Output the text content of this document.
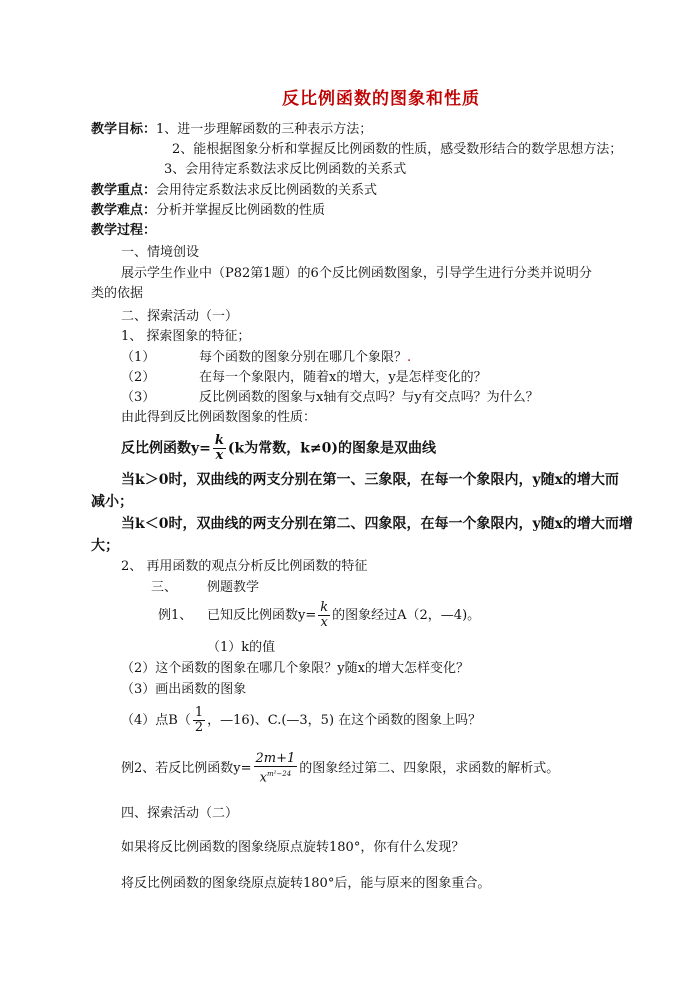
反比例函数的图象和性质
教学目标：1、进一步理解函数的三种表示方法；
2、能根据图象分析和掌握反比例函数的性质，感受数形结合的数学思想方法；
3、会用待定系数法求反比例函数的关系式
教学重点：会用待定系数法求反比例函数的关系式
教学难点：分析并掌握反比例函数的性质
教学过程：
一、情境创设
展示学生作业中（P82第1题）的6个反比例函数图象，引导学生进行分类并说明分
类的依据
二、探索活动（一）
1、 探索图象的特征；
（1）	每个函数的图象分别在哪几个象限？.
（2）	在每一个象限内，随着x的增大，y是怎样变化的？
（3）	反比例函数的图象与x轴有交点吗？与y有交点吗？为什么？
由此得到反比例函数图象的性质：
反比例函数$y= \frac{k}{x} (k$为常数，k≠0)的图象是双曲线
当k＞0时，双曲线的两支分别在第一、三象限，在每一个象限内，y随x的增大而
减小；
当k＜0时，双曲线的两支分别在第二、四象限，在每一个象限内，y随x的增大而增
大；
2、 再用函数的观点分析反比例函数的特征
三、 例题教学
例1、 已知反比例函数$y= \frac{k}{x}$ 的图象经过A（2，—4)。
（1）k的值
（2）这个函数的图象在哪几个象限？y随x的增大怎样变化？
（3）画出函数的图象
（4）点$B( \frac{1}{2}$ ，—16)、C.(—3，5) 在这个函数的图象上吗？
例2、若反比例函数$y= \frac{2m+1}{x^{m^2-24}}$ 的图象经过第二、四象限，求函数的解析式。
四、探索活动（二）
如果将反比例函数的图象绕原点旋转180°，你有什么发现？
将反比例函数的图象绕原点旋转180°后，能与原来的图象重合。
